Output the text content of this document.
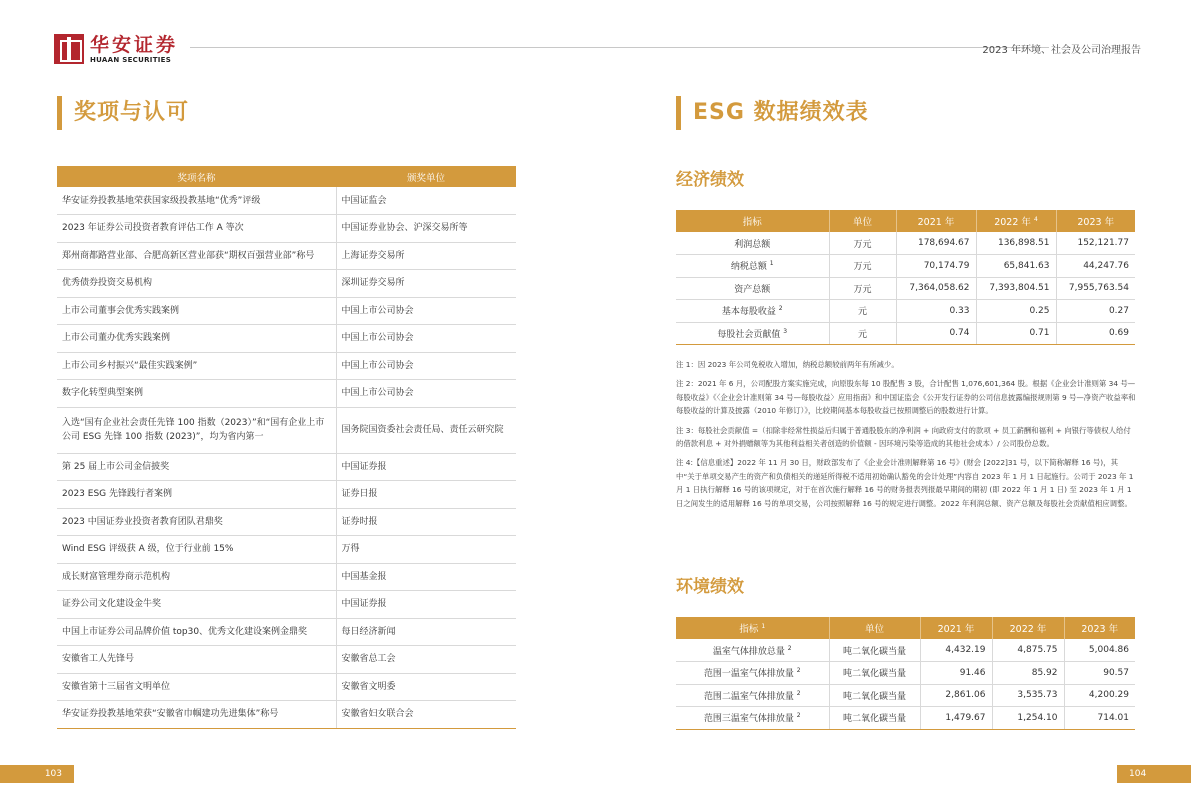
华安证券
HUAAN SECURITIES
2023 年环境、社会及公司治理报告
奖项与认可
奖项名称	颁奖单位
华安证券投教基地荣获国家级投教基地“优秀”评级	中国证监会
2023 年证券公司投资者教育评估工作 A 等次	中国证券业协会、沪深交易所等
郑州商都路营业部、合肥高新区营业部获“期权百强营业部”称号	上海证券交易所
优秀债券投资交易机构	深圳证券交易所
上市公司董事会优秀实践案例	中国上市公司协会
上市公司董办优秀实践案例	中国上市公司协会
上市公司乡村振兴“最佳实践案例”	中国上市公司协会
数字化转型典型案例	中国上市公司协会
入选“国有企业社会责任先锋 100 指数（2023）”和“国有企业上市公司 ESG 先锋 100 指数 (2023)”，均为省内第一	国务院国资委社会责任局、责任云研究院
第 25 届上市公司金信披奖	中国证券报
2023 ESG 先锋践行者案例	证券日报
2023 中国证券业投资者教育团队君鼎奖	证券时报
Wind ESG 评级获 A 级，位于行业前 15%	万得
成长财富管理券商示范机构	中国基金报
证券公司文化建设金牛奖	中国证券报
中国上市证券公司品牌价值 top30、优秀文化建设案例金鼎奖	每日经济新闻
安徽省工人先锋号	安徽省总工会
安徽省第十三届省文明单位	安徽省文明委
华安证券投教基地荣获“安徽省巾帼建功先进集体”称号	安徽省妇女联合会
103
ESG 数据绩效表
经济绩效
指标	单位	2021 年	2022 年 $^4$	2023 年
利润总额	万元	178,694.67	136,898.51	152,121.77
纳税总额 $^1$	万元	70,174.79	65,841.63	44,247.76
资产总额	万元	7,364,058.62	7,393,804.51	7,955,763.54
基本每股收益 $^2$	元	0.33	0.25	0.27
每股社会贡献值 $^3$	元	0.74	0.71	0.69

注 1：因 2023 年公司免税收入增加，纳税总额较前两年有所减少。

注 2：2021 年 6 月，公司配股方案实施完成，向原股东每 10 股配售 3 股，合计配售 1,076,601,364 股。根据《企业会计准则第 34 号—每股收益》《〈企业会计准则第 34 号—每股收益〉应用指南》和中国证监会《公开发行证券的公司信息披露编报规则第 9 号—净资产收益率和每股收益的计算及披露（2010 年修订）》，比较期间基本每股收益已按照调整后的股数进行计算。

注 3：每股社会贡献值 =（扣除非经常性损益后归属于普通股股东的净利润 + 向政府支付的款项 + 员工薪酬和福利 + 向银行等债权人给付的借款利息 + 对外捐赠额等为其他利益相关者创造的价值额 - 因环境污染等造成的其他社会成本）/ 公司股份总数。

注 4:【信息重述】2022 年 11 月 30 日，财政部发布了《企业会计准则解释第 16 号》(财会 [2022]31 号，以下简称解释 16 号)，其中“关于单项交易产生的资产和负债相关的递延所得税不适用初始确认豁免的会计处理”内容自 2023 年 1 月 1 日起施行。公司于 2023 年 1 月 1 日执行解释 16 号的该项规定，对于在首次施行解释 16 号的财务报表列报最早期间的期初 (即 2022 年 1 月 1 日) 至 2023 年 1 月 1 日之间发生的适用解释 16 号的单项交易，公司按照解释 16 号的规定进行调整。2022 年利润总额、资产总额及每股社会贡献值相应调整。

环境绩效
指标 $^1$	单位	2021 年	2022 年	2023 年
温室气体排放总量 $^2$	吨二氧化碳当量	4,432.19	4,875.75	5,004.86
范围一温室气体排放量 $^2$	吨二氧化碳当量	91.46	85.92	90.57
范围二温室气体排放量 $^2$	吨二氧化碳当量	2,861.06	3,535.73	4,200.29
范围三温室气体排放量 $^2$	吨二氧化碳当量	1,479.67	1,254.10	714.01
104
